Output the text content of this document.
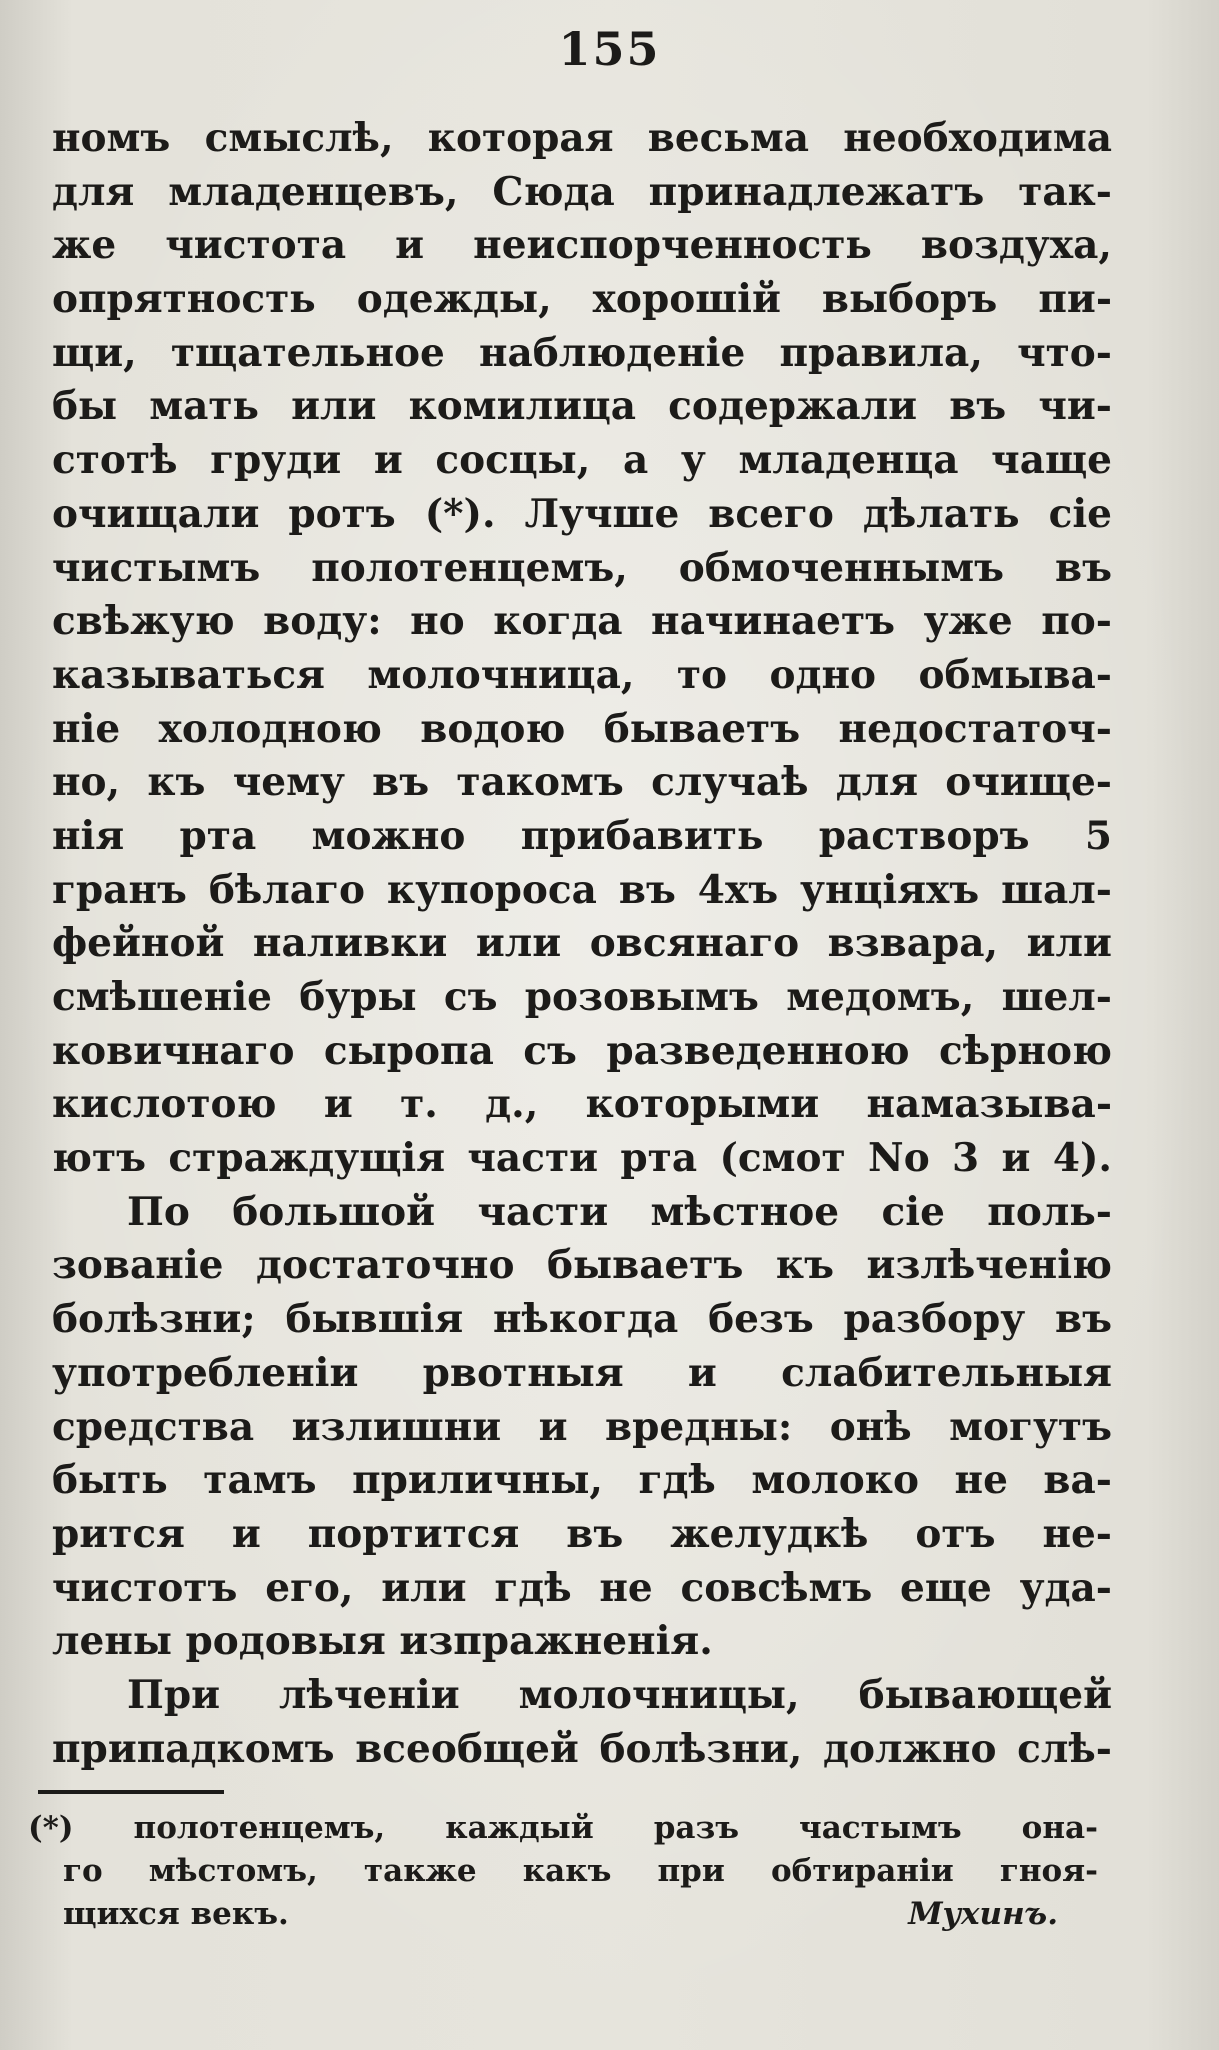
155
номъ смыслѣ, которая весьма необходима
для младенцевъ, Сюда принадлежатъ так-
же чистота и неиспорченность воздуха,
опрятность одежды, хорошій выборъ пи-
щи, тщательное наблюденіе правила, что-
бы мать или комилица содержали въ чи-
стотѣ груди и сосцы, а у младенца чаще
очищали ротъ (*). Лучше всего дѣлать сіе
чистымъ полотенцемъ, обмоченнымъ въ
свѣжую воду: но когда начинаетъ уже по-
казываться молочница, то одно обмыва-
ніе холодною водою бываетъ недостаточ-
но, къ чему въ такомъ случаѣ для очище-
нія рта можно прибавить растворъ 5
гранъ бѣлаго купороса въ 4хъ унціяхъ шал-
фейной наливки или овсянаго взвара, или
смѣшеніе буры съ розовымъ медомъ, шел-
ковичнаго сыропа съ разведенною сѣрною
кислотою и т. д., которыми намазыва-
ютъ страждущія части рта (смот No 3 и 4).
По большой части мѣстное сіе поль-
зованіе достаточно бываетъ къ излѣченію
болѣзни; бывшія нѣкогда безъ разбору въ
употребленіи рвотныя и слабительныя
средства излишни и вредны: онѣ могутъ
быть тамъ приличны, гдѣ молоко не ва-
рится и портится въ желудкѣ отъ не-
чистотъ его, или гдѣ не совсѣмъ еще уда-
лены родовыя изпражненія.
При лѣченіи молочницы, бывающей
припадкомъ всеобщей болѣзни, должно слѣ-
(*) полотенцемъ, каждый разъ частымъ она-
го мѣстомъ, также какъ при обтираніи гноя-
щихся векъ.	Мухинъ.
